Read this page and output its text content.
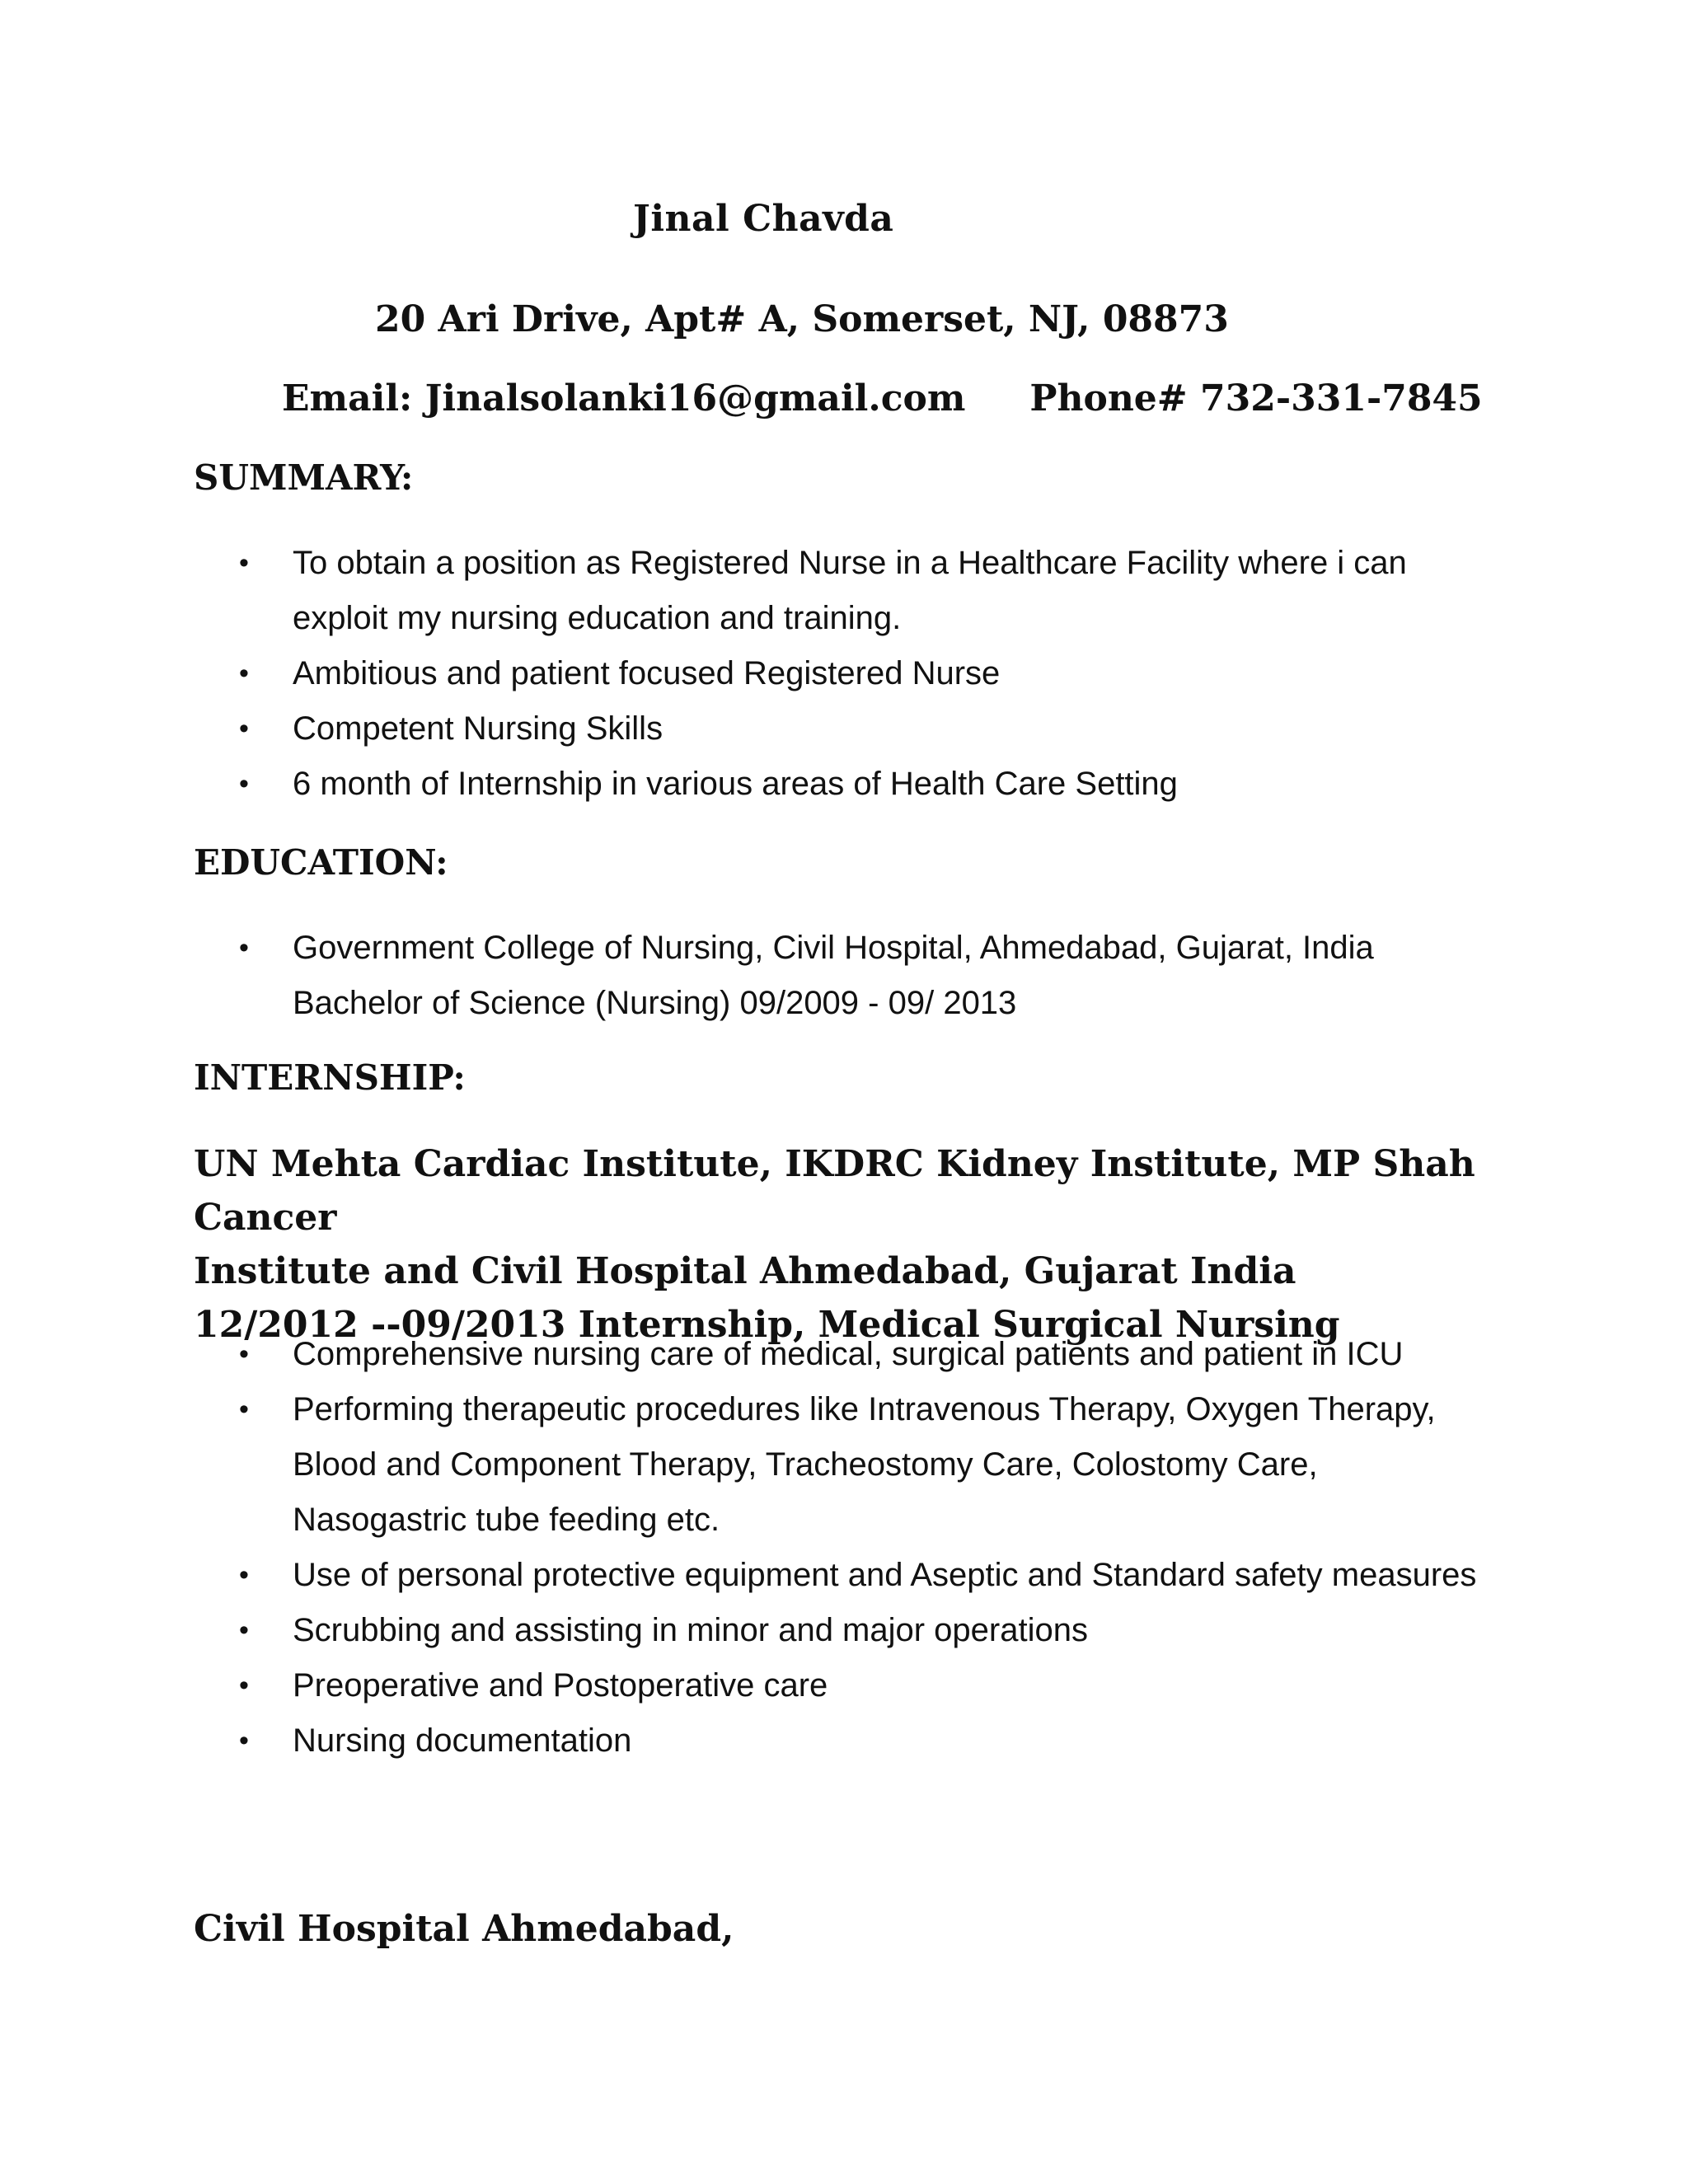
Jinal Chavda
20 Ari Drive, Apt# A, Somerset, NJ, 08873
Email: Jinalsolanki16@gmail.com Phone# 732-331-7845
SUMMARY:
• To obtain a position as Registered Nurse in a Healthcare Facility where i can exploit my nursing education and training.
• Ambitious and patient focused Registered Nurse
• Competent Nursing Skills
• 6 month of Internship in various areas of Health Care Setting
EDUCATION:
• Government College of Nursing, Civil Hospital, Ahmedabad, Gujarat, India Bachelor of Science (Nursing) 09/2009 - 09/ 2013
INTERNSHIP:
UN Mehta Cardiac Institute, IKDRC Kidney Institute, MP Shah Cancer
Institute and Civil Hospital Ahmedabad, Gujarat India
12/2012 --09/2013 Internship, Medical Surgical Nursing
• Comprehensive nursing care of medical, surgical patients and patient in ICU
• Performing therapeutic procedures like Intravenous Therapy, Oxygen Therapy, Blood and Component Therapy, Tracheostomy Care, Colostomy Care, Nasogastric tube feeding etc.
• Use of personal protective equipment and Aseptic and Standard safety measures
• Scrubbing and assisting in minor and major operations
• Preoperative and Postoperative care
• Nursing documentation
Civil Hospital Ahmedabad,
